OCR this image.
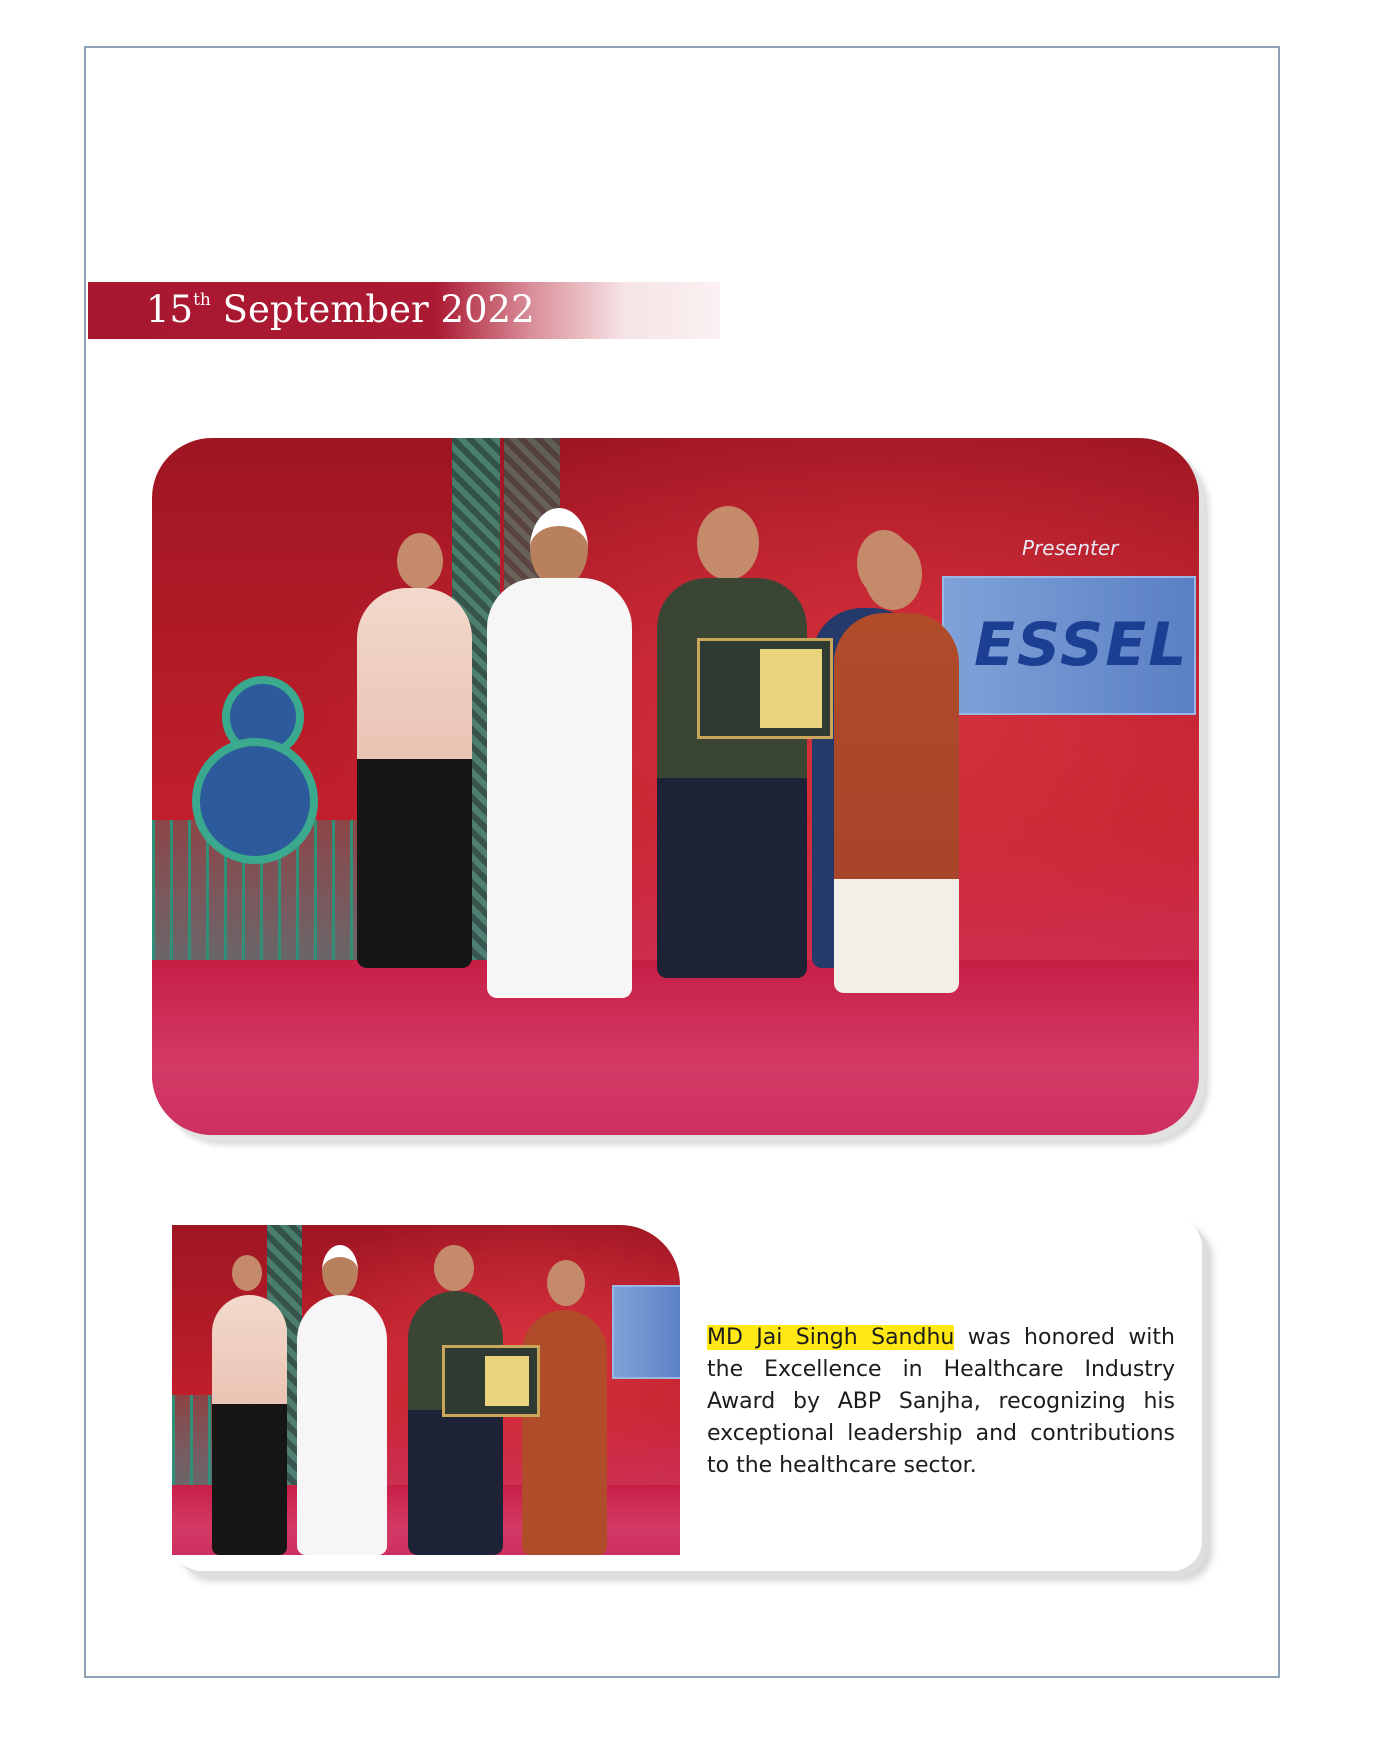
15th September 2022
Presenter
ESSEL
MD Jai Singh Sandhu was honored with the Excellence in Healthcare Industry Award by ABP Sanjha, recognizing his exceptional leadership and contributions to the healthcare sector.
